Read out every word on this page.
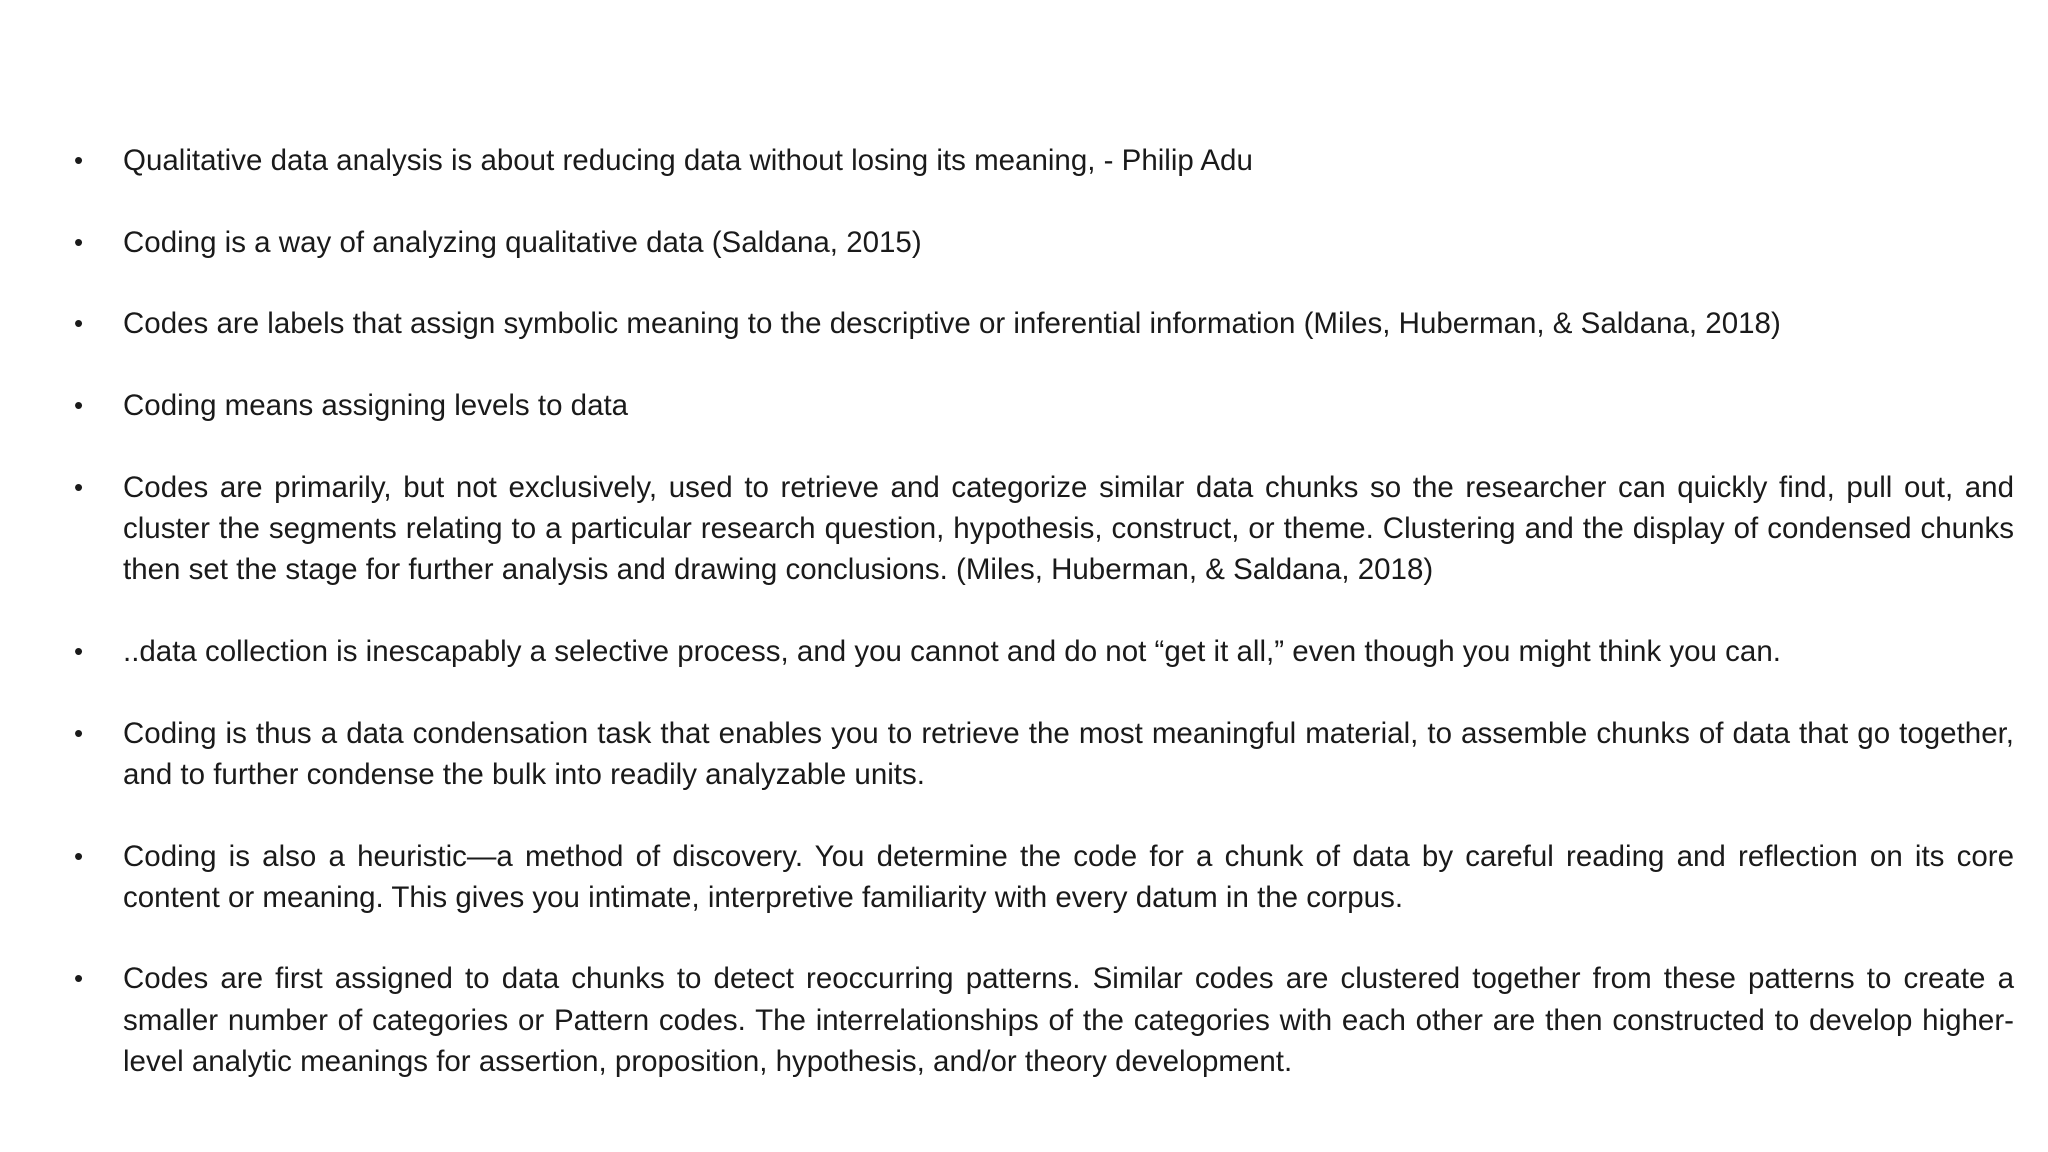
• Qualitative data analysis is about reducing data without losing its meaning, - Philip Adu
• Coding is a way of analyzing qualitative data (Saldana, 2015)
• Codes are labels that assign symbolic meaning to the descriptive or inferential information (Miles, Huberman, & Saldana, 2018)
• Coding means assigning levels to data
• Codes are primarily, but not exclusively, used to retrieve and categorize similar data chunks so the researcher can quickly find, pull out, and cluster the segments relating to a particular research question, hypothesis, construct, or theme. Clustering and the display of condensed chunks then set the stage for further analysis and drawing conclusions. (Miles, Huberman, & Saldana, 2018)
• ..data collection is inescapably a selective process, and you cannot and do not “get it all,” even though you might think you can.
• Coding is thus a data condensation task that enables you to retrieve the most meaningful material, to assemble chunks of data that go together, and to further condense the bulk into readily analyzable units.
• Coding is also a heuristic—a method of discovery. You determine the code for a chunk of data by careful reading and reflection on its core content or meaning. This gives you intimate, interpretive familiarity with every datum in the corpus.
• Codes are first assigned to data chunks to detect reoccurring patterns. Similar codes are clustered together from these patterns to create a smaller number of categories or Pattern codes. The interrelationships of the categories with each other are then constructed to develop higher-level analytic meanings for assertion, proposition, hypothesis, and/or theory development.
